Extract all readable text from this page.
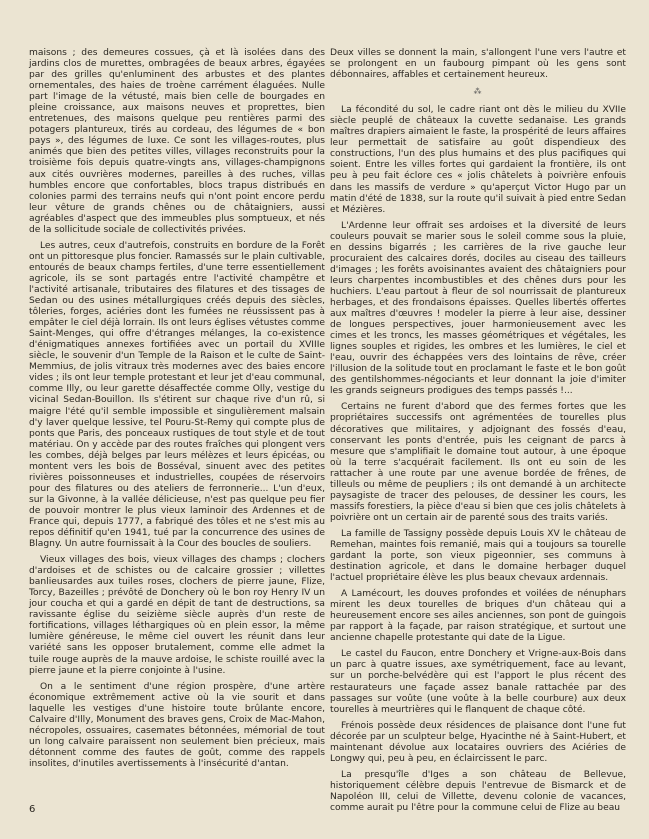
maisons ; des demeures cossues, çà et là isolées dans des jardins clos de murettes, ombragées de beaux arbres, égayées par des grilles qu'enluminent des arbustes et des plantes ornementales, des haies de troène carrément élaguées. Nulle part l'image de la vétusté, mais bien celle de bourgades en pleine croissance, aux maisons neuves et proprettes, bien entretenues, des maisons quelque peu rentières parmi des potagers plantureux, tirés au cordeau, des légumes de « bon pays », des légumes de luxe. Ce sont les villages-routes, plus animés que bien des petites villes, villages reconstruits pour la troisième fois depuis quatre-vingts ans, villages-champignons aux cités ouvrières modernes, pareilles à des ruches, villas humbles encore que confortables, blocs trapus distribués en colonies parmi des terrains neufs qui n'ont point encore perdu leur vêture de grands chênes ou de châtaigniers, aussi agréables d'aspect que des immeubles plus somptueux, et nés de la sollicitude sociale de collectivités privées.

Les autres, ceux d'autrefois, construits en bordure de la Forêt ont un pittoresque plus foncier. Ramassés sur le plain cultivable, entourés de beaux champs fertiles, d'une terre essentiellement agricole, ils se sont partagés entre l'activité champêtre et l'activité artisanale, tributaires des filatures et des tissages de Sedan ou des usines métallurgiques créés depuis des siècles, tôleries, forges, aciéries dont les fumées ne réussissent pas à empâter le ciel déjà lorrain. Ils ont leurs églises vétustes comme Saint-Menges, qui offre d'étranges mélanges, la co-existence d'énigmatiques annexes fortifiées avec un portail du XVIIIe siècle, le souvenir d'un Temple de la Raison et le culte de Saint-Memmius, de jolis vitraux très modernes avec des baies encore vides ; ils ont leur temple protestant et leur jet d'eau communal, comme Illy, ou leur garette désaffectée comme Olly, vestige du vicinal Sedan-Bouillon. Ils s'étirent sur chaque rive d'un rû, si maigre l'été qu'il semble impossible et singulièrement malsain d'y laver quelque lessive, tel Pouru-St-Remy qui compte plus de ponts que Paris, des ponceaux rustiques de tout style et de tout matériau. On y accède par des routes fraîches qui plongent vers les combes, déjà belges par leurs mélèzes et leurs épicéas, ou montent vers les bois de Bosséval, sinuent avec des petites rivières poissonneuses et industrielles, coupées de réservoirs pour des filatures ou des ateliers de ferronnerie... L'un d'eux, sur la Givonne, à la vallée délicieuse, n'est pas quelque peu fier de pouvoir montrer le plus vieux laminoir des Ardennes et de France qui, depuis 1777, a fabriqué des tôles et ne s'est mis au repos définitif qu'en 1941, tué par la concurrence des usines de Blagny. Un autre fournissait à la Cour des boucles de souliers.

Vieux villages des bois, vieux villages des champs ; clochers d'ardoises et de schistes ou de calcaire grossier ; villettes banlieusardes aux tuiles roses, clochers de pierre jaune, Flize, Torcy, Bazeilles ; prévôté de Donchery où le bon roy Henry IV un jour coucha et qui a gardé en dépit de tant de destructions, sa ravissante église du seizième siècle auprès d'un reste de fortifications, villages léthargiques où en plein essor, la même lumière généreuse, le même ciel ouvert les réunit dans leur variété sans les opposer brutalement, comme elle admet la tuile rouge auprès de la mauve ardoise, le schiste rouillé avec la pierre jaune et la pierre conjointe à l'usine.

On a le sentiment d'une région prospère, d'une artère économique extrêmement active où la vie sourit et dans laquelle les vestiges d'une histoire toute brûlante encore, Calvaire d'Illy, Monument des braves gens, Croix de Mac-Mahon, nécropoles, ossuaires, casemates bétonnées, mémorial de tout un long calvaire paraissent non seulement bien précieux, mais détonnent comme des fautes de goût, comme des rappels insolites, d'inutiles avertissements à l'insécurité d'antan.

Deux villes se donnent la main, s'allongent l'une vers l'autre et se prolongent en un faubourg pimpant où les gens sont débonnaires, affables et certainement heureux.

⁂

La fécondité du sol, le cadre riant ont dès le milieu du XVIIe siècle peuplé de châteaux la cuvette sedanaise. Les grands maîtres drapiers aimaient le faste, la prospérité de leurs affaires leur permettait de satisfaire au goût dispendieux des constructions, l'un des plus humains et des plus pacifiques qui soient. Entre les villes fortes qui gardaient la frontière, ils ont peu à peu fait éclore ces « jolis châtelets à poivrière enfouis dans les massifs de verdure » qu'aperçut Victor Hugo par un matin d'été de 1838, sur la route qu'il suivait à pied entre Sedan et Mézières.

L'Ardenne leur offrait ses ardoises et la diversité de leurs couleurs pouvait se marier sous le soleil comme sous la pluie, en dessins bigarrés ; les carrières de la rive gauche leur procuraient des calcaires dorés, dociles au ciseau des tailleurs d'images ; les forêts avoisinantes avaient des châtaigniers pour leurs charpentes incombustibles et des chênes durs pour les huchiers. L'eau partout à fleur de sol nourrissait de plantureux herbages, et des frondaisons épaisses. Quelles libertés offertes aux maîtres d'œuvres ! modeler la pierre à leur aise, dessiner de longues perspectives, jouer harmonieusement avec les cimes et les troncs, les masses géométriques et végétales, les lignes souples et rigides, les ombres et les lumières, le ciel et l'eau, ouvrir des échappées vers des lointains de rêve, créer l'illusion de la solitude tout en proclamant le faste et le bon goût des gentilshommes-négociants et leur donnant la joie d'imiter les grands seigneurs prodigues des temps passés !...

Certains ne furent d'abord que des fermes fortes que les propriétaires successifs ont agrémentées de tourelles plus décoratives que militaires, y adjoignant des fossés d'eau, conservant les ponts d'entrée, puis les ceignant de parcs à mesure que s'amplifiait le domaine tout autour, à une époque où la terre s'acquérait facilement. Ils ont eu soin de les rattacher à une route par une avenue bordée de frênes, de tilleuls ou même de peupliers ; ils ont demandé à un architecte paysagiste de tracer des pelouses, de dessiner les cours, les massifs forestiers, la pièce d'eau si bien que ces jolis châtelets à poivrière ont un certain air de parenté sous des traits variés.

La famille de Tassigny possède depuis Louis XV le château de Remehan, maintes fois remanié, mais qui a toujours sa tourelle gardant la porte, son vieux pigeonnier, ses communs à destination agricole, et dans le domaine herbager duquel l'actuel propriétaire élève les plus beaux chevaux ardennais.

A Lamécourt, les douves profondes et voilées de nénuphars mirent les deux tourelles de briques d'un château qui a heureusement encore ses ailes anciennes, son pont de guingois par rapport à la façade, par raison stratégique, et surtout une ancienne chapelle protestante qui date de la Ligue.

Le castel du Faucon, entre Donchery et Vrigne-aux-Bois dans un parc à quatre issues, axe symétriquement, face au levant, sur un porche-belvédère qui est l'apport le plus récent des restaurateurs une façade assez banale rattachée par des passages sur voûte (une voûte à la belle courbure) aux deux tourelles à meurtrières qui le flanquent de chaque côté.

Frénois possède deux résidences de plaisance dont l'une fut décorée par un sculpteur belge, Hyacinthe né à Saint-Hubert, et maintenant dévolue aux locataires ouvriers des Aciéries de Longwy qui, peu à peu, en éclaircissent le parc.

La presqu'île d'Iges a son château de Bellevue, historiquement célèbre depuis l'entrevue de Bismarck et de Napoléon III, celui de Villette, devenu colonie de vacances, comme aurait pu l'être pour la commune celui de Flize au beau

6
